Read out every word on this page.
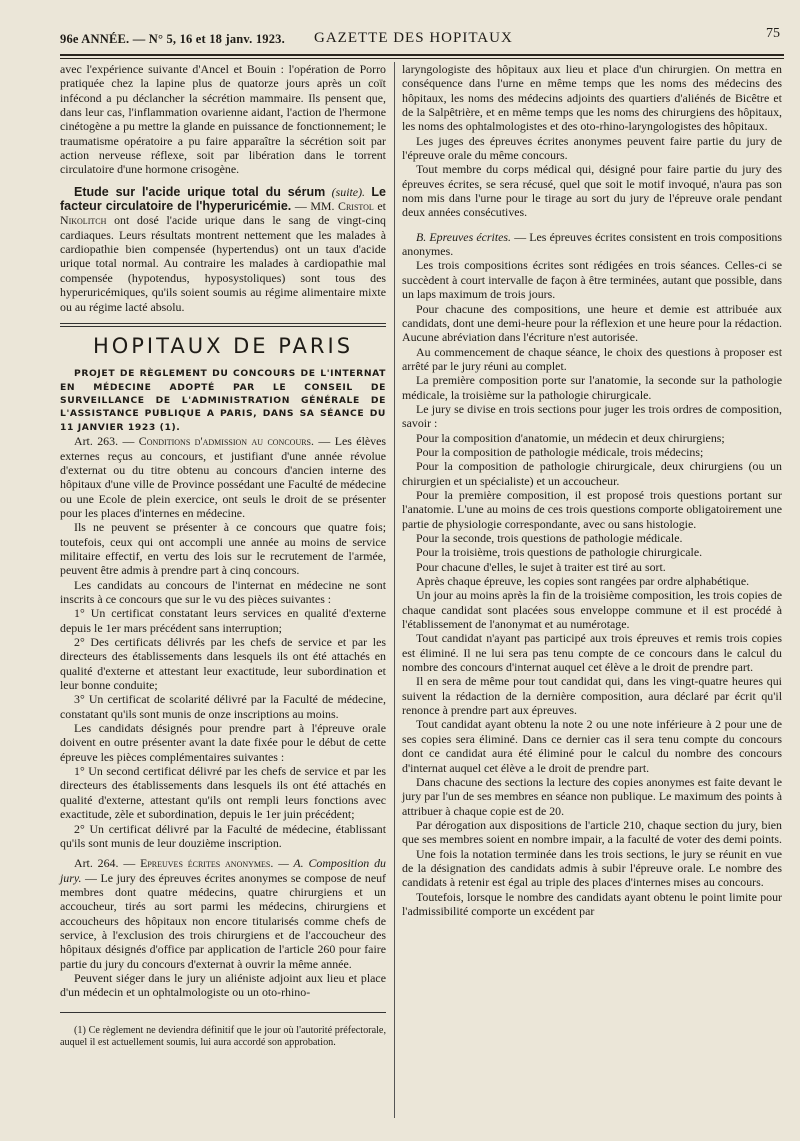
96e ANNÉE. — N° 5, 16 et 18 janv. 1923. GAZETTE DES HOPITAUX	75

avec l'expérience suivante d'Ancel et Bouin : l'opération de Porro pratiquée chez la lapine plus de quatorze jours après un coït infécond a pu déclancher la sécrétion mammaire. Ils pensent que, dans leur cas, l'inflammation ovarienne aidant, l'action de l'hermone cinétogène a pu mettre la glande en puissance de fonctionnement; le traumatisme opératoire a pu faire apparaître la sécrétion soit par action nerveuse réflexe, soit par libération dans le torrent circulatoire d'une hormone crisogène.

Etude sur l'acide urique total du sérum (suite). Le facteur circulatoire de l'hyperuricémie. — MM. Cristol et Nikolitch ont dosé l'acide urique dans le sang de vingt-cinq cardiaques. Leurs résultats montrent nettement que les malades à cardiopathie bien compensée (hypertendus) ont un taux d'acide urique total normal. Au contraire les malades à cardiopathie mal compensée (hypotendus, hyposystoliques) sont tous des hyperuricémiques, qu'ils soient soumis au régime alimentaire mixte ou au régime lacté absolu.

HOPITAUX DE PARIS

PROJET DE RÈGLEMENT DU CONCOURS DE L'INTERNAT EN MÉDECINE ADOPTÉ PAR LE CONSEIL DE SURVEILLANCE DE L'ADMINISTRATION GÉNÉRALE DE L'ASSISTANCE PUBLIQUE A PARIS, DANS SA SÉANCE DU 11 JANVIER 1923 (1).

Art. 263. — Conditions d'admission au concours. — Les élèves externes reçus au concours, et justifiant d'une année révolue d'externat ou du titre obtenu au concours d'ancien interne des hôpitaux d'une ville de Province possédant une Faculté de médecine ou une Ecole de plein exercice, ont seuls le droit de se présenter pour les places d'internes en médecine.

Ils ne peuvent se présenter à ce concours que quatre fois; toutefois, ceux qui ont accompli une année au moins de service militaire effectif, en vertu des lois sur le recrutement de l'armée, peuvent être admis à prendre part à cinq concours.

Les candidats au concours de l'internat en médecine ne sont inscrits à ce concours que sur le vu des pièces suivantes :

1° Un certificat constatant leurs services en qualité d'externe depuis le 1er mars précédent sans interruption;

2° Des certificats délivrés par les chefs de service et par les directeurs des établissements dans lesquels ils ont été attachés en qualité d'externe et attestant leur exactitude, leur subordination et leur bonne conduite;

3° Un certificat de scolarité délivré par la Faculté de médecine, constatant qu'ils sont munis de onze inscriptions au moins.

Les candidats désignés pour prendre part à l'épreuve orale doivent en outre présenter avant la date fixée pour le début de cette épreuve les pièces complémentaires suivantes :

1° Un second certificat délivré par les chefs de service et par les directeurs des établissements dans lesquels ils ont été attachés en qualité d'externe, attestant qu'ils ont rempli leurs fonctions avec exactitude, zèle et subordination, depuis le 1er juin précédent;

2° Un certificat délivré par la Faculté de médecine, établissant qu'ils sont munis de leur douzième inscription.

Art. 264. — Epreuves écrites anonymes. — A. Composition du jury. — Le jury des épreuves écrites anonymes se compose de neuf membres dont quatre médecins, quatre chirurgiens et un accoucheur, tirés au sort parmi les médecins, chirurgiens et accoucheurs des hôpitaux non encore titularisés comme chefs de service, à l'exclusion des trois chirurgiens et de l'accoucheur des hôpitaux désignés d'office par application de l'article 260 pour faire partie du jury du concours d'externat à ouvrir la même année.

Peuvent siéger dans le jury un aliéniste adjoint aux lieu et place d'un médecin et un ophtalmologiste ou un oto-rhino-

(1) Ce règlement ne deviendra définitif que le jour où l'autorité préfectorale, auquel il est actuellement soumis, lui aura accordé son approbation.

laryngologiste des hôpitaux aux lieu et place d'un chirurgien. On mettra en conséquence dans l'urne en même temps que les noms des médecins des hôpitaux, les noms des médecins adjoints des quartiers d'aliénés de Bicêtre et de la Salpêtrière, et en même temps que les noms des chirurgiens des hôpitaux, les noms des ophtalmologistes et des oto-rhino-laryngologistes des hôpitaux.

Les juges des épreuves écrites anonymes peuvent faire partie du jury de l'épreuve orale du même concours.

Tout membre du corps médical qui, désigné pour faire partie du jury des épreuves écrites, se sera récusé, quel que soit le motif invoqué, n'aura pas son nom mis dans l'urne pour le tirage au sort du jury de l'épreuve orale pendant deux années consécutives.

B. Epreuves écrites. — Les épreuves écrites consistent en trois compositions anonymes.

Les trois compositions écrites sont rédigées en trois séances. Celles-ci se succèdent à court intervalle de façon à être terminées, autant que possible, dans un laps maximum de trois jours.

Pour chacune des compositions, une heure et demie est attribuée aux candidats, dont une demi-heure pour la réflexion et une heure pour la rédaction. Aucune abréviation dans l'écriture n'est autorisée.

Au commencement de chaque séance, le choix des questions à proposer est arrêté par le jury réuni au complet.

La première composition porte sur l'anatomie, la seconde sur la pathologie médicale, la troisième sur la pathologie chirurgicale.

Le jury se divise en trois sections pour juger les trois ordres de composition, savoir :

Pour la composition d'anatomie, un médecin et deux chirurgiens;

Pour la composition de pathologie médicale, trois médecins;

Pour la composition de pathologie chirurgicale, deux chirurgiens (ou un chirurgien et un spécialiste) et un accoucheur.

Pour la première composition, il est proposé trois questions portant sur l'anatomie. L'une au moins de ces trois questions comporte obligatoirement une partie de physiologie correspondante, avec ou sans histologie.

Pour la seconde, trois questions de pathologie médicale.

Pour la troisième, trois questions de pathologie chirurgicale.

Pour chacune d'elles, le sujet à traiter est tiré au sort.

Après chaque épreuve, les copies sont rangées par ordre alphabétique.

Un jour au moins après la fin de la troisième composition, les trois copies de chaque candidat sont placées sous enveloppe commune et il est procédé à l'établissement de l'anonymat et au numérotage.

Tout candidat n'ayant pas participé aux trois épreuves et remis trois copies est éliminé. Il ne lui sera pas tenu compte de ce concours dans le calcul du nombre des concours d'internat auquel cet élève a le droit de prendre part.

Il en sera de même pour tout candidat qui, dans les vingt-quatre heures qui suivent la rédaction de la dernière composition, aura déclaré par écrit qu'il renonce à prendre part aux épreuves.

Tout candidat ayant obtenu la note 2 ou une note inférieure à 2 pour une de ses copies sera éliminé. Dans ce dernier cas il sera tenu compte du concours dont ce candidat aura été éliminé pour le calcul du nombre des concours d'internat auquel cet élève a le droit de prendre part.

Dans chacune des sections la lecture des copies anonymes est faite devant le jury par l'un de ses membres en séance non publique. Le maximum des points à attribuer à chaque copie est de 20.

Par dérogation aux dispositions de l'article 210, chaque section du jury, bien que ses membres soient en nombre impair, a la faculté de voter des demi points.

Une fois la notation terminée dans les trois sections, le jury se réunit en vue de la désignation des candidats admis à subir l'épreuve orale. Le nombre des candidats à retenir est égal au triple des places d'internes mises au concours.

Toutefois, lorsque le nombre des candidats ayant obtenu le point limite pour l'admissibilité comporte un excédent par
